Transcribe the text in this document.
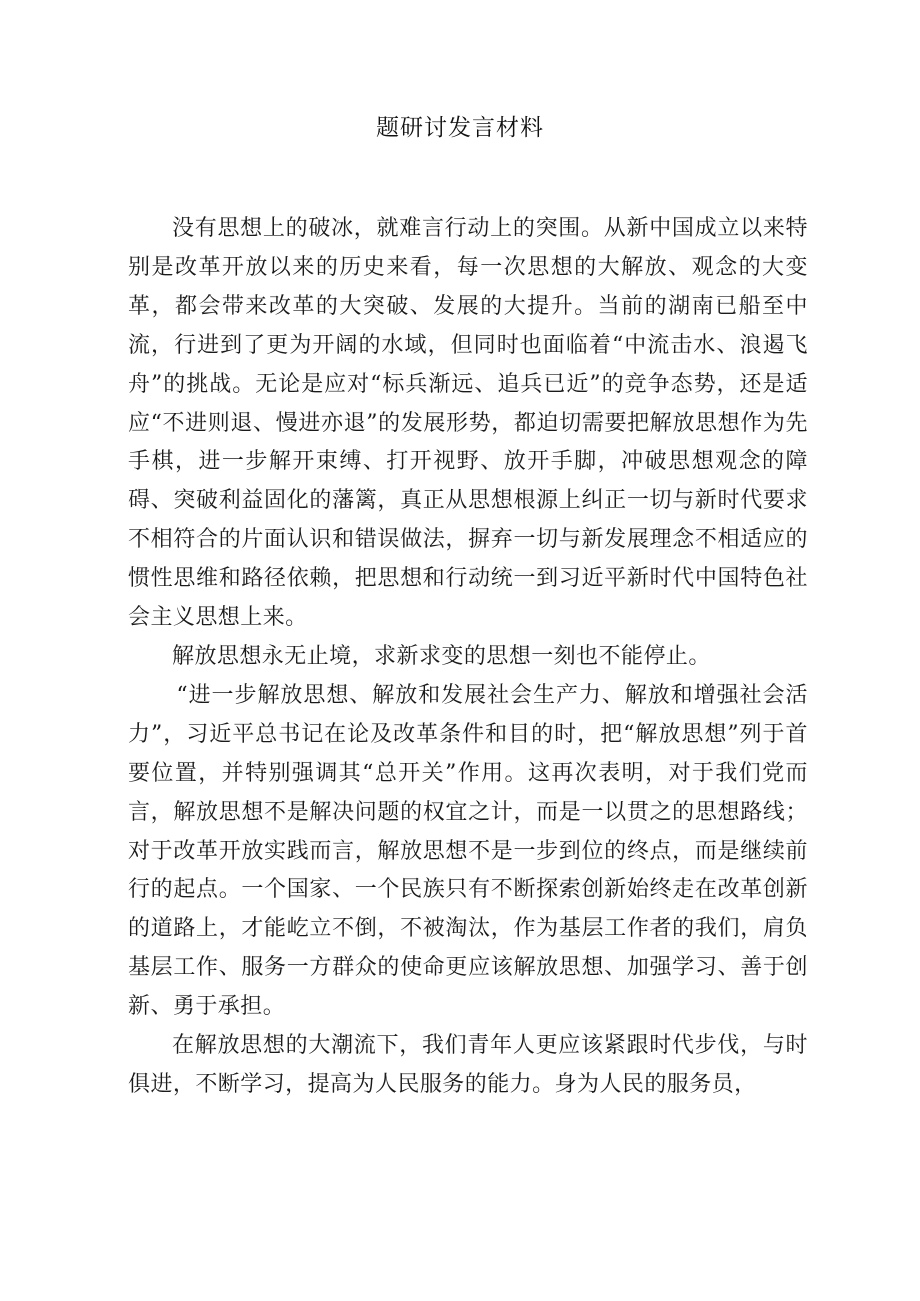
题研讨发言材料

没有思想上的破冰，就难言行动上的突围。从新中国成立以来特别是改革开放以来的历史来看，每一次思想的大解放、观念的大变革，都会带来改革的大突破、发展的大提升。当前的湖南已船至中流，行进到了更为开阔的水域，但同时也面临着“中流击水、浪遏飞舟”的挑战。无论是应对“标兵渐远、追兵已近”的竞争态势，还是适应“不进则退、慢进亦退”的发展形势，都迫切需要把解放思想作为先手棋，进一步解开束缚、打开视野、放开手脚，冲破思想观念的障碍、突破利益固化的藩篱，真正从思想根源上纠正一切与新时代要求不相符合的片面认识和错误做法，摒弃一切与新发展理念不相适应的惯性思维和路径依赖，把思想和行动统一到习近平新时代中国特色社会主义思想上来。

解放思想永无止境，求新求变的思想一刻也不能停止。

“进一步解放思想、解放和发展社会生产力、解放和增强社会活力”，习近平总书记在论及改革条件和目的时，把“解放思想”列于首要位置，并特别强调其“总开关”作用。这再次表明，对于我们党而言，解放思想不是解决问题的权宜之计，而是一以贯之的思想路线；对于改革开放实践而言，解放思想不是一步到位的终点，而是继续前行的起点。一个国家、一个民族只有不断探索创新始终走在改革创新的道路上，才能屹立不倒，不被淘汰，作为基层工作者的我们，肩负基层工作、服务一方群众的使命更应该解放思想、加强学习、善于创新、勇于承担。

在解放思想的大潮流下，我们青年人更应该紧跟时代步伐，与时俱进，不断学习，提高为人民服务的能力。身为人民的服务员，
